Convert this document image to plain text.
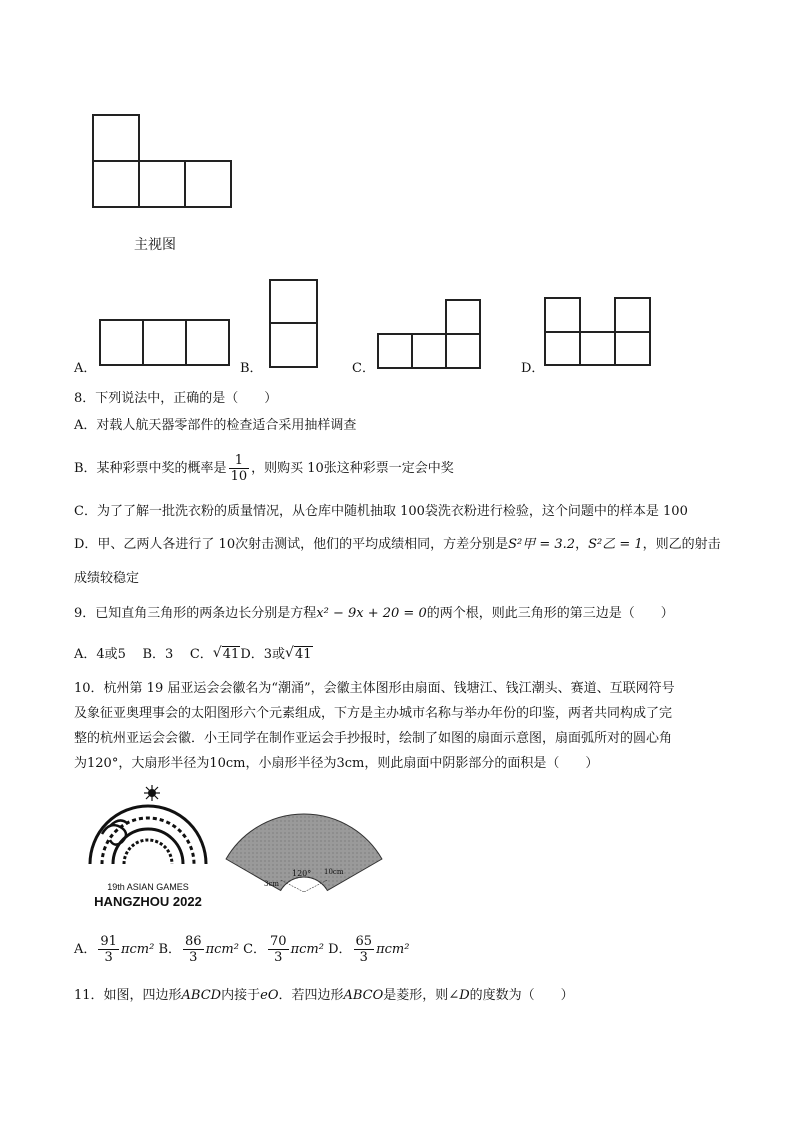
主视图
A．	B．	C．	D．
8．下列说法中，正确的是（　　）
A．对载人航天器零部件的检查适合采用抽样调查
B．某种彩票中奖的概率是 $\frac{1}{10}$ ，则购买 10张这种彩票一定会中奖
C．为了了解一批洗衣粉的质量情况，从仓库中随机抽取 100袋洗衣粉进行检验，这个问题中的样本是 100
D．甲、乙两人各进行了 10次射击测试，他们的平均成绩相同，方差分别是S²甲 = 3.2，S²乙 = 1，则乙的射击
成绩较稳定
9．已知直角三角形的两条边长分别是方程x² − 9x + 20 = 0的两个根，则此三角形的第三边是（　　）
A．4或5 B．3 C． √ 41D．3或 √ 41
10．杭州第 19 届亚运会会徽名为“潮涌”，会徽主体图形由扇面、钱塘江、钱江潮头、赛道、互联网符号
及象征亚奥理事会的太阳图形六个元素组成，下方是主办城市名称与举办年份的印鉴，两者共同构成了完
整的杭州亚运会会徽．小王同学在制作亚运会手抄报时，绘制了如图的扇面示意图，扇面弧所对的圆心角
为120°，大扇形半径为10cm，小扇形半径为3cm，则此扇面中阴影部分的面积是（　　）
19th ASIAN GAMES
HANGZHOU 2022
120°
3cm
10cm
A． $\frac{91}{3} \pi cm^2$ B． $\frac{86}{3} \pi cm^2$ C． $\frac{70}{3} \pi cm^2$ D． $\frac{65}{3} \pi cm^2$
11．如图，四边形ABCD内接于eO．若四边形ABCO是菱形，则∠D的度数为（　　）
